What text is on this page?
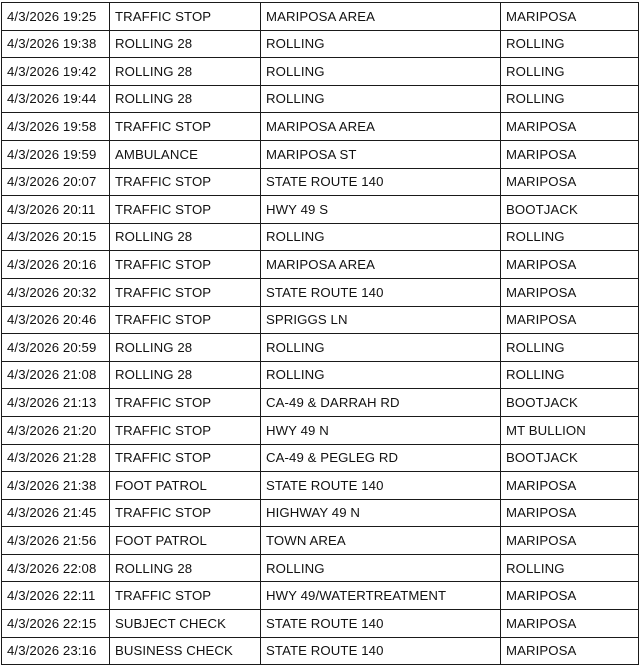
4/3/2026 19:25	TRAFFIC STOP	MARIPOSA AREA	MARIPOSA
4/3/2026 19:38	ROLLING 28	ROLLING	ROLLING
4/3/2026 19:42	ROLLING 28	ROLLING	ROLLING
4/3/2026 19:44	ROLLING 28	ROLLING	ROLLING
4/3/2026 19:58	TRAFFIC STOP	MARIPOSA AREA	MARIPOSA
4/3/2026 19:59	AMBULANCE	MARIPOSA ST	MARIPOSA
4/3/2026 20:07	TRAFFIC STOP	STATE ROUTE 140	MARIPOSA
4/3/2026 20:11	TRAFFIC STOP	HWY 49 S	BOOTJACK
4/3/2026 20:15	ROLLING 28	ROLLING	ROLLING
4/3/2026 20:16	TRAFFIC STOP	MARIPOSA AREA	MARIPOSA
4/3/2026 20:32	TRAFFIC STOP	STATE ROUTE 140	MARIPOSA
4/3/2026 20:46	TRAFFIC STOP	SPRIGGS LN	MARIPOSA
4/3/2026 20:59	ROLLING 28	ROLLING	ROLLING
4/3/2026 21:08	ROLLING 28	ROLLING	ROLLING
4/3/2026 21:13	TRAFFIC STOP	CA-49 & DARRAH RD	BOOTJACK
4/3/2026 21:20	TRAFFIC STOP	HWY 49 N	MT BULLION
4/3/2026 21:28	TRAFFIC STOP	CA-49 & PEGLEG RD	BOOTJACK
4/3/2026 21:38	FOOT PATROL	STATE ROUTE 140	MARIPOSA
4/3/2026 21:45	TRAFFIC STOP	HIGHWAY 49 N	MARIPOSA
4/3/2026 21:56	FOOT PATROL	TOWN AREA	MARIPOSA
4/3/2026 22:08	ROLLING 28	ROLLING	ROLLING
4/3/2026 22:11	TRAFFIC STOP	HWY 49/WATERTREATMENT	MARIPOSA
4/3/2026 22:15	SUBJECT CHECK	STATE ROUTE 140	MARIPOSA
4/3/2026 23:16	BUSINESS CHECK	STATE ROUTE 140	MARIPOSA
